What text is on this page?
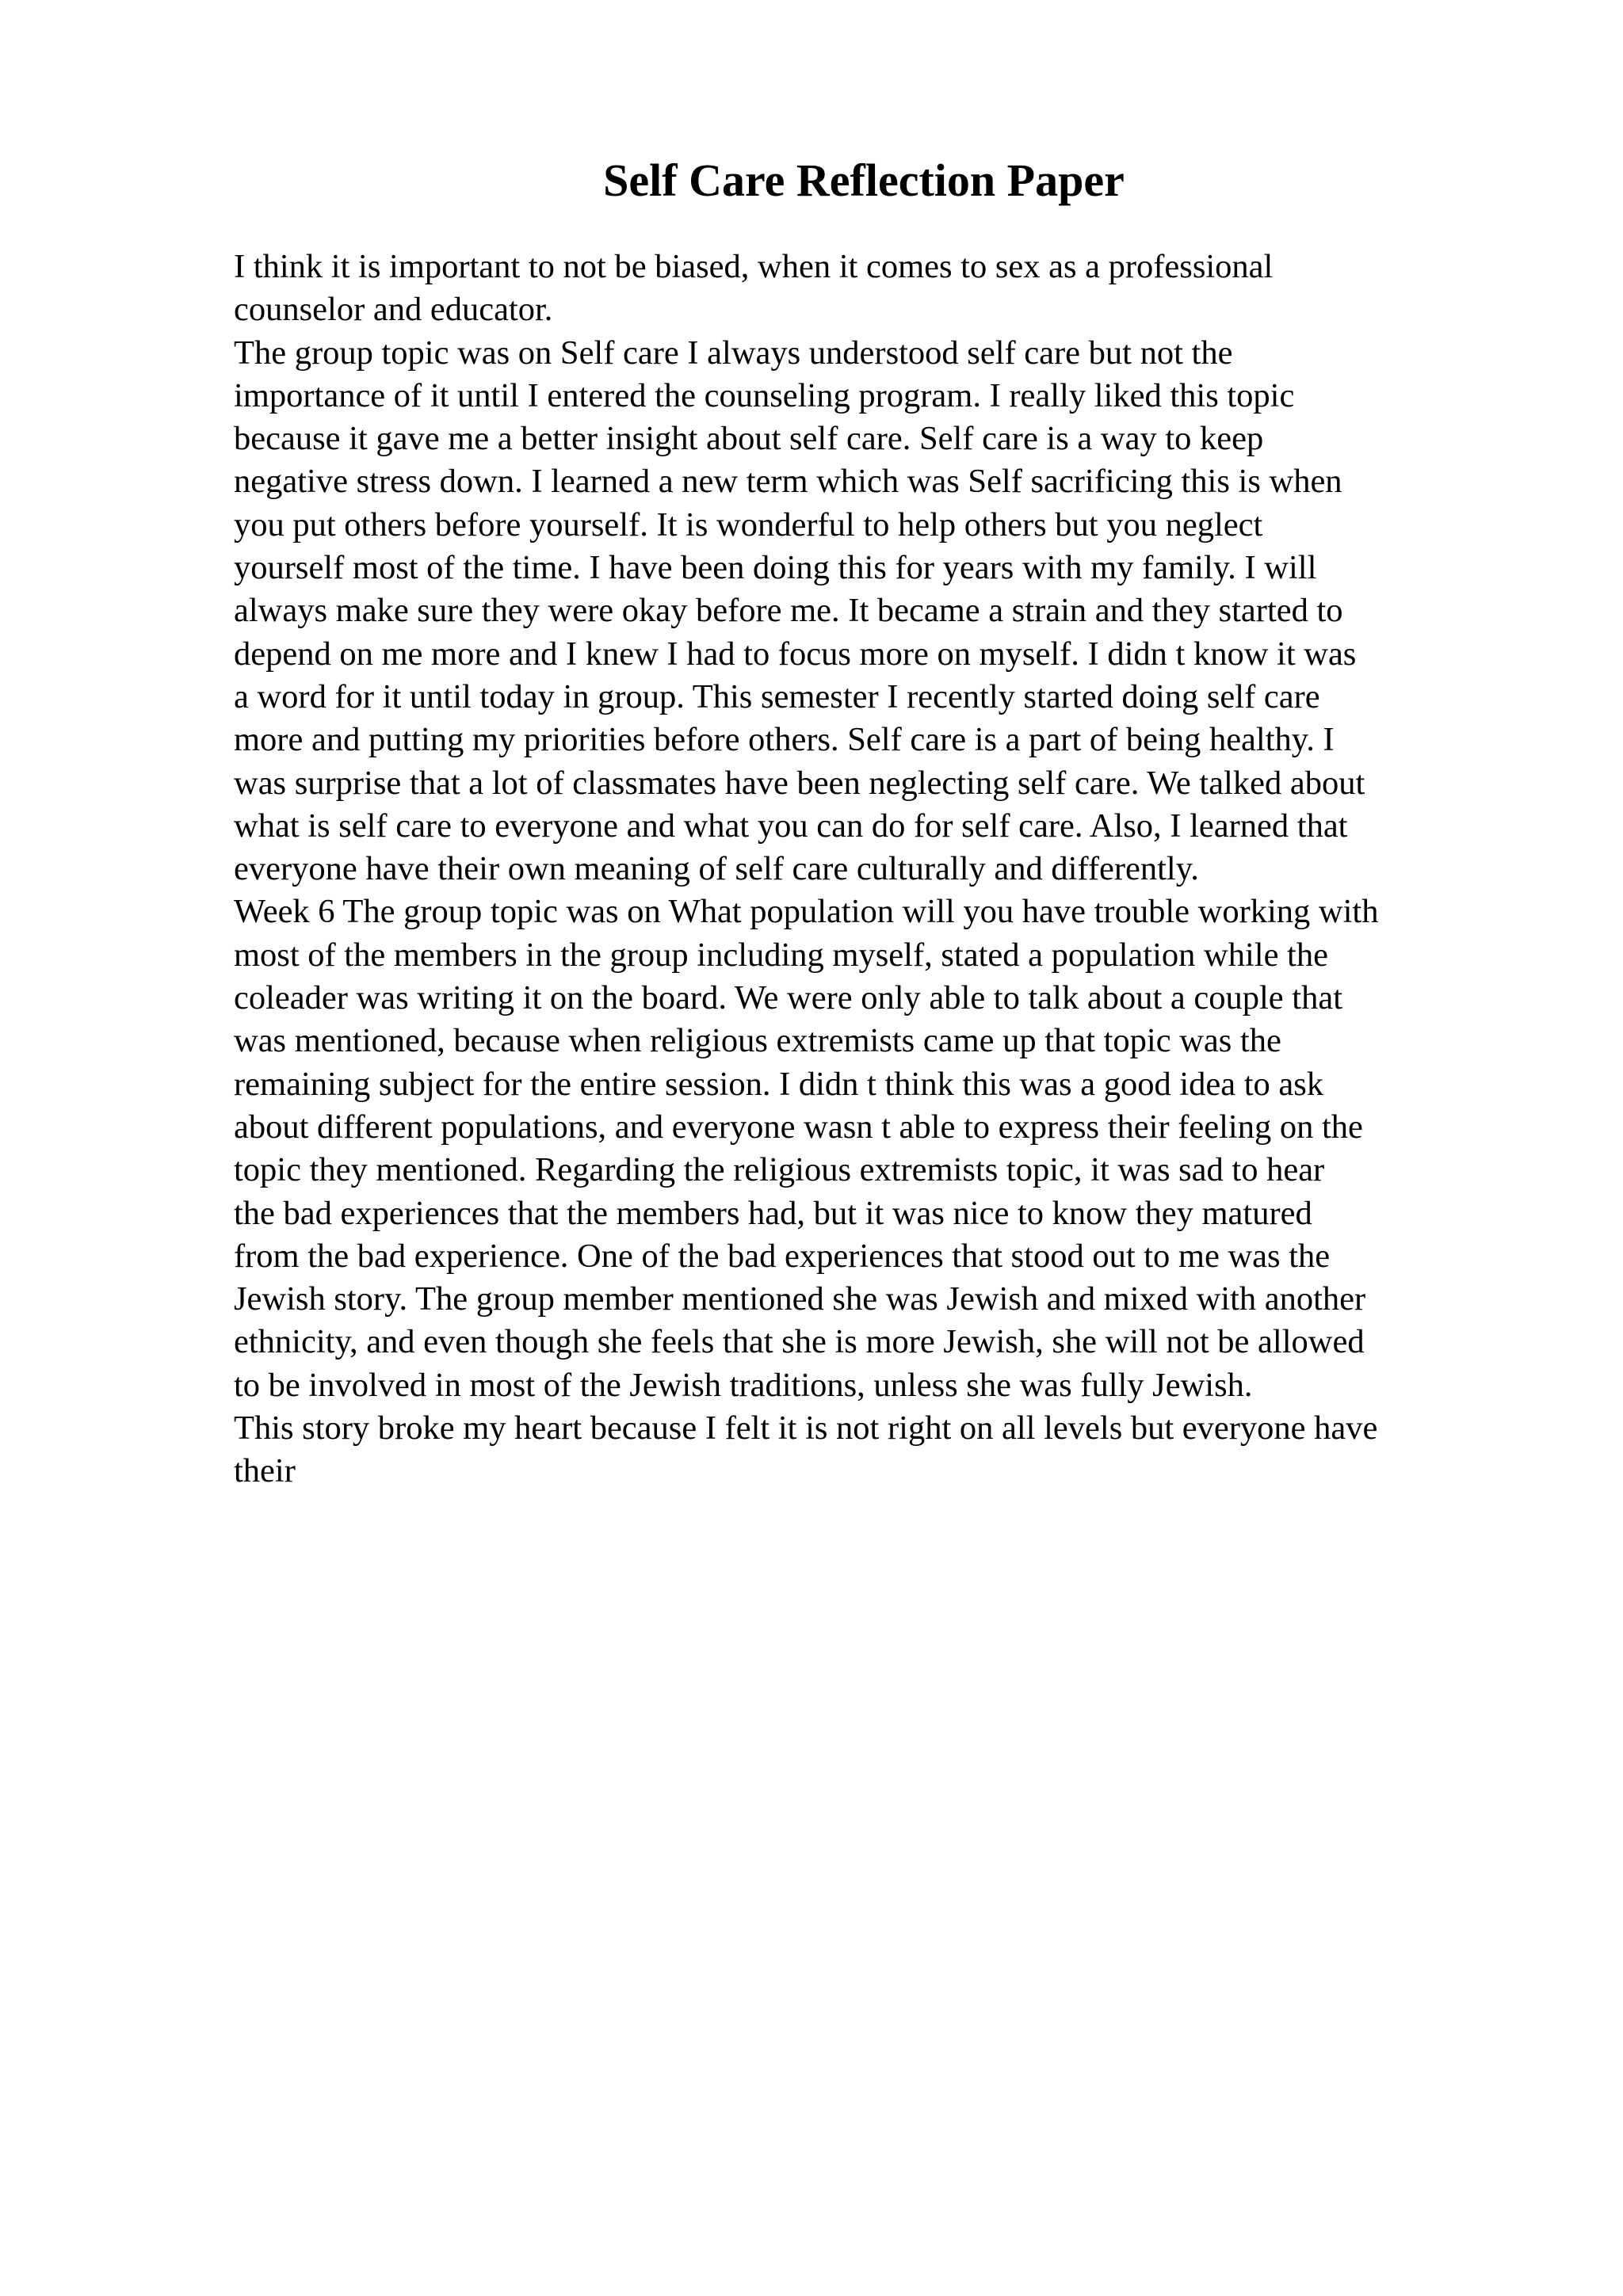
Self Care Reflection Paper
I think it is important to not be biased, when it comes to sex as a professional
counselor and educator.
The group topic was on Self care I always understood self care but not the
importance of it until I entered the counseling program. I really liked this topic
because it gave me a better insight about self care. Self care is a way to keep
negative stress down. I learned a new term which was Self sacrificing this is when
you put others before yourself. It is wonderful to help others but you neglect
yourself most of the time. I have been doing this for years with my family. I will
always make sure they were okay before me. It became a strain and they started to
depend on me more and I knew I had to focus more on myself. I didn t know it was
a word for it until today in group. This semester I recently started doing self care
more and putting my priorities before others. Self care is a part of being healthy. I
was surprise that a lot of classmates have been neglecting self care. We talked about
what is self care to everyone and what you can do for self care. Also, I learned that
everyone have their own meaning of self care culturally and differently.
Week 6 The group topic was on What population will you have trouble working with
most of the members in the group including myself, stated a population while the
coleader was writing it on the board. We were only able to talk about a couple that
was mentioned, because when religious extremists came up that topic was the
remaining subject for the entire session. I didn t think this was a good idea to ask
about different populations, and everyone wasn t able to express their feeling on the
topic they mentioned. Regarding the religious extremists topic, it was sad to hear
the bad experiences that the members had, but it was nice to know they matured
from the bad experience. One of the bad experiences that stood out to me was the
Jewish story. The group member mentioned she was Jewish and mixed with another
ethnicity, and even though she feels that she is more Jewish, she will not be allowed
to be involved in most of the Jewish traditions, unless she was fully Jewish.
This story broke my heart because I felt it is not right on all levels but everyone have
their
